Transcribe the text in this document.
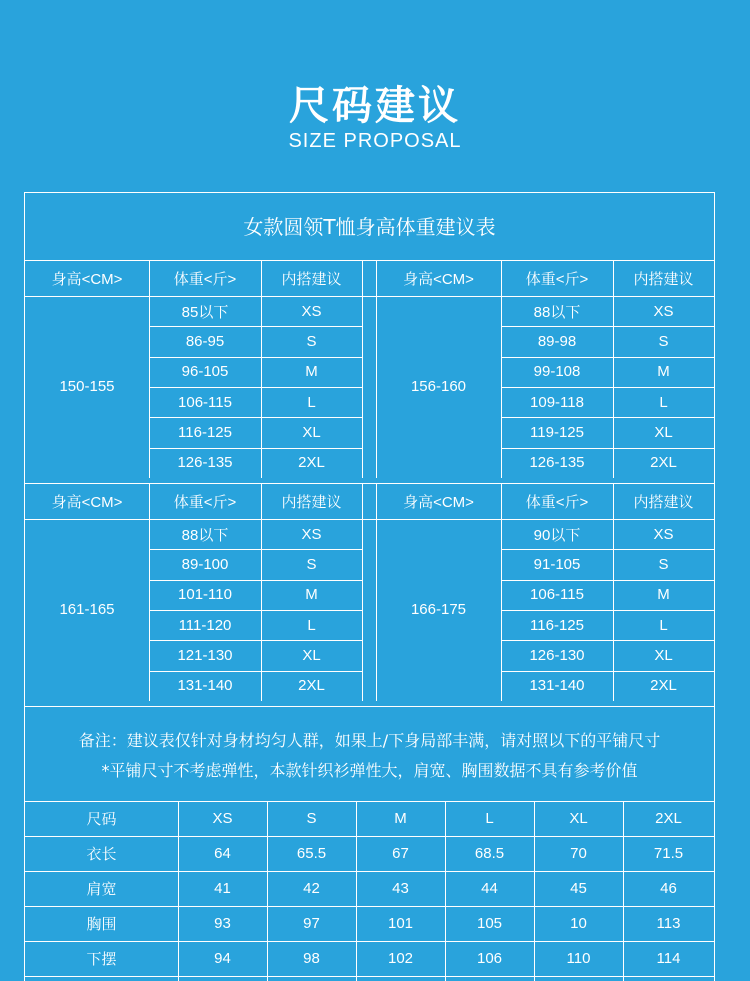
尺码建议
SIZE PROPOSAL
女款圆领T恤身高体重建议表
备注：建议表仅针对身材均匀人群，如果上/下身局部丰满，请对照以下的平铺尺寸
*平铺尺寸不考虑弹性，本款针织衫弹性大，肩宽、胸围数据不具有参考价值
身高<CM>	体重<斤>	内搭建议
150-155
85以下	XS
86-95	S
96-105	M
106-115	L
116-125	XL
126-135	2XL
身高<CM>	体重<斤>	内搭建议
156-160
88以下	XS
89-98	S
99-108	M
109-118	L
119-125	XL
126-135	2XL
身高<CM>	体重<斤>	内搭建议
161-165
88以下	XS
89-100	S
101-110	M
111-120	L
121-130	XL
131-140	2XL
身高<CM>	体重<斤>	内搭建议
166-175
90以下	XS
91-105	S
106-115	M
116-125	L
126-130	XL
131-140	2XL
尺码	XS	S	M	L	XL	2XL
衣长	64	65.5	67	68.5	70	71.5
肩宽	41	42	43	44	45	46
胸围	93	97	101	105	10	113
下摆	94	98	102	106	110	114
